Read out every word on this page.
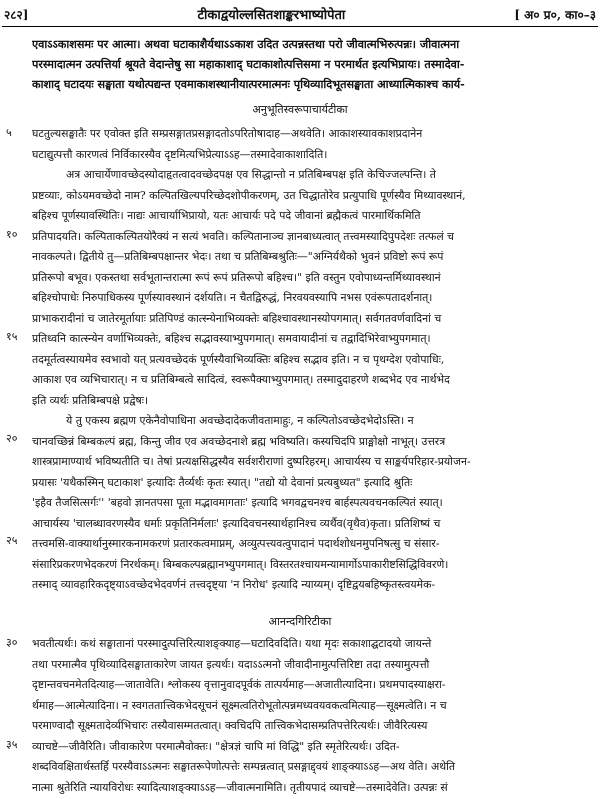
२८२]	टीकाद्वयोल्लसितशाङ्करभाष्योपेता	[ अ० प्र०, का०–३
एवाऽऽकाशसमः पर आत्मा। अथवा घटाकाशैर्यथाऽऽकाश उदित उत्पन्नस्तथा परो जीवात्मभिरुत्पन्नः। जीवात्मना
परस्मादात्मन उत्पत्तिर्या श्रूयते वेदान्तेषु सा महाकाशाद् घटाकाशोत्पत्तिसमा न परमार्थत इत्यभिप्रायः। तस्मादेवा-
काशाद् घटादयः सङ्घाता यथोत्पद्यन्त एवमाकाशस्थानीयात्परमात्मनः पृथिव्यादिभूतसङ्घाता आध्यात्मिकाश्च कार्य-
अनुभूतिस्वरूपाचार्यटीका
घटतुल्यसङ्घातैः पर एवोक्त इति सम्प्रसङ्गातप्रसङ्गादतोऽपरितोषादाह—अथवेति। आकाशस्यावकाशप्रदानेन
घटाद्युत्पत्तौ कारणत्वं निर्विकारस्यैव दृष्टमित्यभिप्रेत्याऽऽह—तस्मादेवाकाशादिति।
अत्र आचार्येणावच्छेदस्योदाहृतत्वादवच्छेदपक्ष एव सिद्धान्तो न प्रतिबिम्बपक्ष इति केचिज्जल्पन्ति। ते
प्रष्टव्याः, कोऽयमवच्छेदो नाम? कल्पितखिल्यपरिच्छेदशोपीकरणम्, उत चिद्धातोरेव प्रत्युपाधि पूर्णस्यैव मिथ्यावस्थानं,
बहिश्च पूर्णस्यावस्थितिः। नाद्यः आचार्याभिप्रायो, यतः आचार्यः पदे पदे जीवानां ब्रह्मैकत्वं पारमार्थिकमिति
प्रतिपादयति। कल्पिताकल्पितयोरैक्यं न सत्यं भवति। कल्पितानाञ्च ज्ञानबाध्यत्वात् तत्त्वमस्यादिपुपदेशः तत्फलं च
नावकल्पते। द्वितीये तु—प्रतिबिम्बपक्षान्तर भेदः। तथा च प्रतिबिम्बश्रुतिः—"अग्निर्यथैको भुवनं प्रविष्टो रूपं रूपं
प्रतिरूपो बभूव। एकस्तथा सर्वभूतान्तरात्मा रूपं रूपं प्रतिरूपो बहिश्च।" इति वस्तुन एवोपाध्यन्तर्मिथ्यावस्थानं
बहिश्चोपाधेः निरुपाधिकस्य पूर्णस्यावस्थानं दर्शयति। न चैतद्विरुद्धं, निरवयवस्यापि नभस एवंरूपतादर्शनात्।
प्राभाकरादीनां च जातेरमूर्तायाः प्रतिपिण्डं कात्स्न्येनाभिव्यक्तेः बहिश्चावस्थानस्योपगमात्। सर्वगतवर्णवादिनां च
प्रतिध्वनि कात्स्न्येन वर्णाभिव्यक्तेः, बहिश्च सद्भावस्याभ्युपगमात्। समवायादीनां च तद्वादिभिरेवाभ्युपगमात्।
तदमूर्तत्वस्यायमेव स्वभावो यत् प्रत्यवच्छेदकं पूर्णस्यैवाभिव्यक्तिः बहिश्च सद्भाव इति। न च पृथग्देश एवोपाधिः,
आकाश एव व्यभिचारात्। न च प्रतिबिम्बत्वे सादित्वं, स्वरूपैक्याभ्युपगमात्। तस्मादुदाहरणे शब्दभेद एव नार्थभेद
इति व्यर्थः प्रतिबिम्बपक्षे प्रद्वेषः।
ये तु एकस्य ब्रह्मण एकेनैवोपाधिना अवच्छेदादेकजीवतामाहुः, न कल्पितोऽवच्छेदभेदोऽस्ति। न
चानवच्छिन्नं बिम्बकल्पं ब्रह्म, किन्तु जीव एव अवच्छेदनाशे ब्रह्म भविष्यति। कस्यचिदपि प्राङ्मोक्षो नाभूत्। उत्तरत्र
शास्त्रप्रामाण्यार्थ भविष्यतीति च। तेषां प्रत्यक्षसिद्धस्यैव सर्वशरीराणां दुष्परिहरम्। आचार्यस्य च साङ्कर्यपरिहार-प्रयोजन-
प्रयासः 'यथैकस्मिन् घटाकाश' इत्यादिः तैर्व्यर्थः कृतः स्यात्। "तद्यो यो देवानां प्रत्यबुध्यत" इत्यादि श्रुतिः
'इहैव तैजसित्सर्गः'' 'बहवो ज्ञानतपसा पूता मद्भावमागताः' इत्यादि भगवद्वचनश्च बार्हस्पत्यवचनकल्पितं स्यात्।
आचार्यस्य 'चालब्धावरणस्यैव धर्माः प्रकृतिनिर्मलाः' इत्यादिवचनस्यार्थहानिश्च व्यर्थैव(वृथैव)कृता। प्रतिशिष्यं च
तत्त्वमसि-वाक्यार्थानुस्मारकनामकरणं प्रतारकत्वमाप्नम्, अव्युत्पत्त्यवत्वुपादानं पदार्थशोधनमुपनिषत्सु च संसार-
संसारिप्रकरणभेदकरणं निरर्थकम्। बिम्बकल्पब्रह्मानभ्युपगमात्। विस्तरतश्चायमन्यामार्गोऽपाकारीष्टसिद्धिविवरणे।
तस्माद् व्यावहारिकदृष्ट्याऽवच्छेदभेदवर्णनं तत्त्वदृष्ट्या 'न निरोध' इत्यादि न्याय्यम्। दृष्टिद्वयबहिष्कृतस्त्वयमेक-
आनन्दगिरिटीका
भवतीत्यर्थः। कथं सङ्घातानां परस्मादुत्पत्तिरित्याशङ्क्याह—घटादिवदिति। यथा मृदः सकाशाद्घटादयो जायन्ते
तथा परमात्मैव पृथिव्यादिसङ्घाताकारेण जायत इत्यर्थः। यदाऽऽत्मनो जीवादीनामुत्पत्तिरिष्टा तदा तस्यामुत्पत्तौ
दृष्टान्तवचनमेतदित्याह—जातावेति। श्लोकस्य वृत्तानुवादपूर्वकं तात्पर्यमाह—अजातीत्यादिना। प्रथमपादस्याक्षरा-
र्थमाह—आत्मेत्यादिना। न स्वगततात्त्विकभेदसूचनं सूक्ष्मत्वतिरोभूतोत्पन्नमध्यवयवकत्वमित्याह—सूक्ष्मत्वेति। न च
परमाण्वादौ सूक्ष्मतादेर्व्यभिचारः तस्यैवासम्मतत्वात्। क्वचिदपि तात्त्विकभेदासम्प्रतिपत्तेरित्यर्थः। जीवैरित्यस्य
व्याचष्टे—जीवैरिति। जीवाकारेण परमात्मैवोक्तः। "क्षेत्रज्ञं चापि मां विद्धि" इति स्मृतेरित्यर्थः। उदित-
शब्दविवक्षितार्थस्तर्हि परस्यैवाऽऽत्मनः सङ्घातरूपेणोत्पत्तेः सम्पन्नत्वात् प्रसङ्गाद्द्वयं शाङ्क्याऽऽह—अथ वेति। अथेति
नात्मा श्रुतेरिति न्यायविरोधः स्यादित्याशङ्क्याऽऽह—जीवात्मनामिति। तृतीयपादं व्याचष्टे—तस्मादेवेति। उत्पन्नः सं
५
१०
१५
२०
२५
३०
३५
